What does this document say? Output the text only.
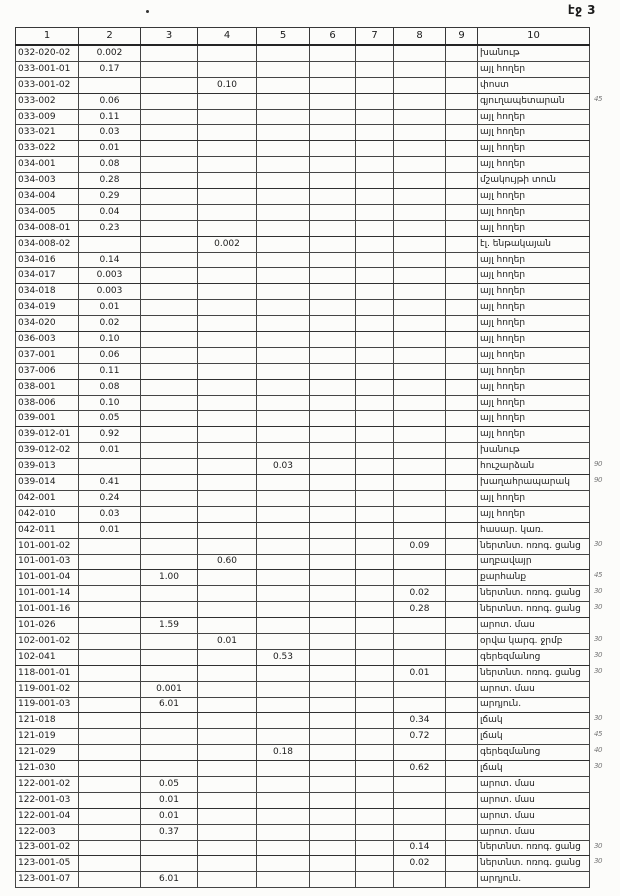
էջ 3
1	2	3	4	5	6	7	8	9	10
032-020-02	0.002								խանութ
033-001-01	0.17								այլ հողեր
033-001-02			0.10						փոստ
033-002	0.06								գյուղապետարան 45

033-009	0.11								այլ հողեր
033-021	0.03								այլ հողեր
033-022	0.01								այլ հողեր
034-001	0.08								այլ հողեր
034-003	0.28								մշակույթի տուն
034-004	0.29								այլ հողեր
034-005	0.04								այլ հողեր
034-008-01	0.23								այլ հողեր
034-008-02			0.002						էլ. ենթակայան
034-016	0.14								այլ հողեր
034-017	0.003								այլ հողեր
034-018	0.003								այլ հողեր
034-019	0.01								այլ հողեր
034-020	0.02								այլ հողեր
036-003	0.10								այլ հողեր
037-001	0.06								այլ հողեր
037-006	0.11								այլ հողեր
038-001	0.08								այլ հողեր
038-006	0.10								այլ հողեր
039-001	0.05								այլ հողեր
039-012-01	0.92								այլ հողեր
039-012-02	0.01								խանութ
039-013				0.03					հուշարձան 90

039-014	0.41								խաղահրապարակ 90

042-001	0.24								այլ հողեր
042-010	0.03								այլ հողեր
042-011	0.01								հասար. կառ.
101-001-02							0.09		ներտնտ. ոռոգ. ցանց 30

101-001-03			0.60						աղբավայր
101-001-04		1.00							քարհանք 45

101-001-14							0.02		ներտնտ. ոռոգ. ցանց 30

101-001-16							0.28		ներտնտ. ոռոգ. ցանց 30

101-026		1.59							արոտ. մաս
102-001-02			0.01						օրվա կարգ. ջրմբ 30

102-041				0.53					գերեզմանոց 30

118-001-01							0.01		ներտնտ. ոռոգ. ցանց 30

119-001-02		0.001							արոտ. մաս
119-001-03		6.01							արդյուն.
121-018							0.34		լճակ 30

121-019							0.72		լճակ 45

121-029				0.18					գերեզմանոց 40

121-030							0.62		լճակ 30

122-001-02		0.05							արոտ. մաս
122-001-03		0.01							արոտ. մաս
122-001-04		0.01							արոտ. մաս
122-003		0.37							արոտ. մաս
123-001-02							0.14		ներտնտ. ոռոգ. ցանց 30

123-001-05							0.02		ներտնտ. ոռոգ. ցանց 30

123-001-07		6.01							արդյուն.
